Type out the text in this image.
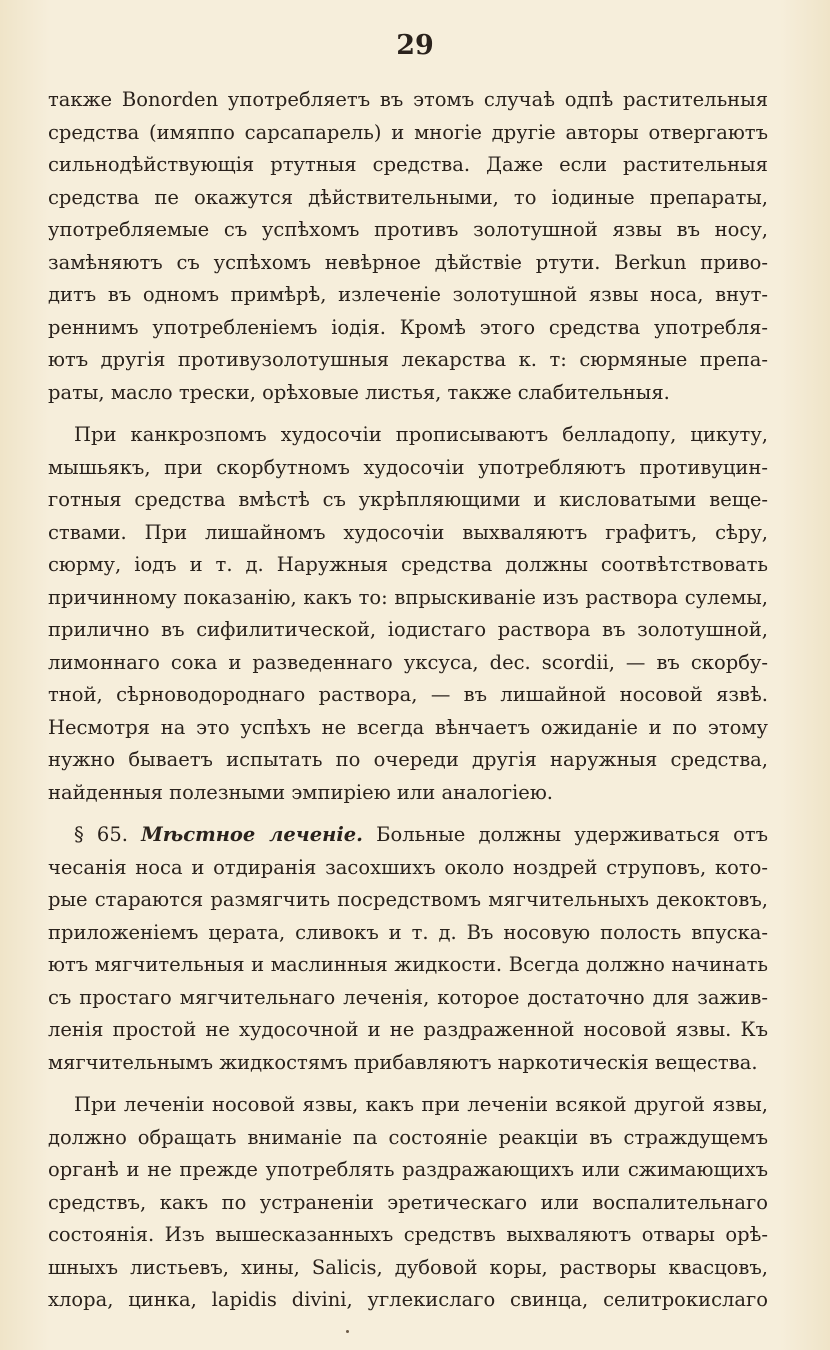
29
также Bonorden употребляетъ въ этомъ случаѣ одпѣ растительныя
средства (имяппо сарсапарель) и многіе другіе авторы отвергаютъ
сильнодѣйствующія ртутныя средства. Даже если растительныя
средства пе окажутся дѣйствительными, то іодиные препараты,
употребляемые съ успѣхомъ противъ золотушной язвы въ носу,
замѣняютъ съ успѣхомъ невѣрное дѣйствіе ртути. Berkun приво-
дитъ въ одномъ примѣрѣ, излеченіе золотушной язвы носа, внут-
реннимъ употребленіемъ іодія. Кромѣ этого средства употребля-
ютъ другія противузолотушныя лекарства к. т: сюрмяные препа-
раты, масло трески, орѣховые листья, также слабительныя.
При канкрозпомъ худосочіи прописываютъ белладопу, цикуту,
мышьякъ, при скорбутномъ худосочіи употребляютъ противуцин-
готныя средства вмѣстѣ съ укрѣпляющими и кисловатыми веще-
ствами. При лишайномъ худосочіи выхваляютъ графитъ, сѣру,
сюрму, іодъ и т. д. Наружныя средства должны соотвѣтствовать
причинному показанію, какъ то: впрыскиваніе изъ раствора сулемы,
прилично въ сифилитической, іодистаго раствора въ золотушной,
лимоннаго сока и разведеннаго уксуса, dec. scordii, — въ скорбу-
тной, сѣрноводороднаго раствора, — въ лишайной носовой язвѣ.
Несмотря на это успѣхъ не всегда вѣнчаетъ ожиданіе и по этому
нужно бываетъ испытать по очереди другія наружныя средства,
найденныя полезными эмпиріею или аналогіею.
§ 65. Мѣстное леченіе. Больные должны удерживаться отъ
чесанія носа и отдиранія засохшихъ около ноздрей струповъ, кото-
рые стараются размягчить посредствомъ мягчительныхъ декоктовъ,
приложеніемъ церата, сливокъ и т. д. Въ носовую полость впуска-
ютъ мягчительныя и маслинныя жидкости. Всегда должно начинать
съ простаго мягчительнаго леченія, которое достаточно для зажив-
ленія простой не худосочной и не раздраженной носовой язвы. Къ
мягчительнымъ жидкостямъ прибавляютъ наркотическія вещества.
При леченіи носовой язвы, какъ при леченіи всякой другой язвы,
должно обращать вниманіе па состояніе реакціи въ страждущемъ
органѣ и не прежде употреблять раздражающихъ или сжимающихъ
средствъ, какъ по устраненіи эретическаго или воспалительнаго
состоянія. Изъ вышесказанныхъ средствъ выхваляютъ отвары орѣ-
шныхъ листьевъ, хины, Salicis, дубовой коры, растворы квасцовъ,
хлора, цинка, lapidis divini, углекислаго свинца, селитрокислаго
